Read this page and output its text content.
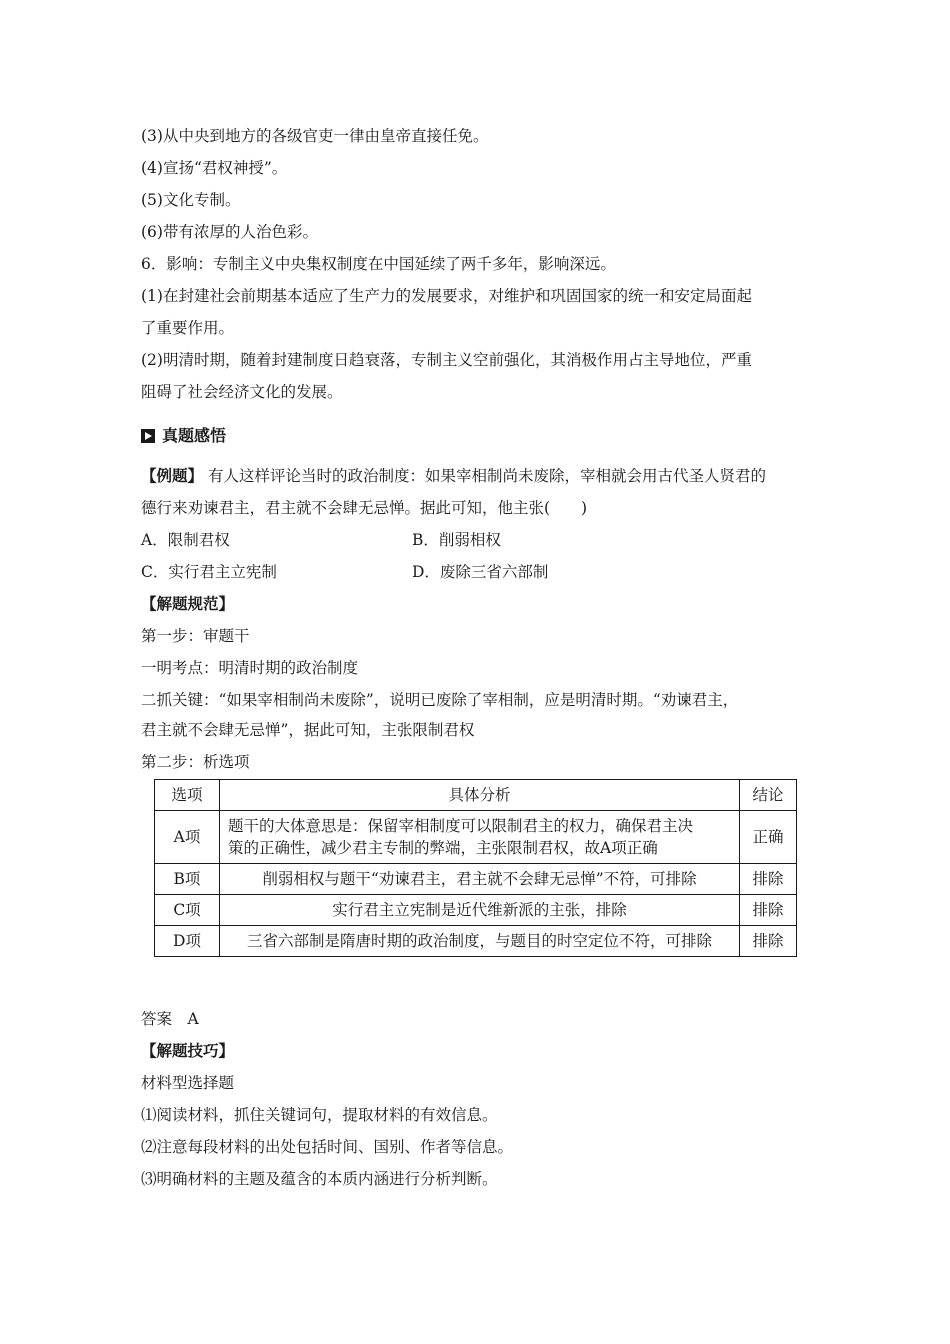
(3)从中央到地方的各级官吏一律由皇帝直接任免。
(4)宣扬“君权神授”。
(5)文化专制。
(6)带有浓厚的人治色彩。
6．影响：专制主义中央集权制度在中国延续了两千多年，影响深远。
(1)在封建社会前期基本适应了生产力的发展要求，对维护和巩固国家的统一和安定局面起
了重要作用。
(2)明清时期，随着封建制度日趋衰落，专制主义空前强化，其消极作用占主导地位，严重
阻碍了社会经济文化的发展。
真题感悟
【例题】 有人这样评论当时的政治制度：如果宰相制尚未废除，宰相就会用古代圣人贤君的
德行来劝谏君主，君主就不会肆无忌惮。据此可知，他主张(　　)
A．限制君权	B．削弱相权
C．实行君主立宪制	D．废除三省六部制
【解题规范】
第一步：审题干
一明考点：明清时期的政治制度
二抓关键：“如果宰相制尚未废除”，说明已废除了宰相制，应是明清时期。“劝谏君主，
君主就不会肆无忌惮”，据此可知，主张限制君权
第二步：析选项
选项	具体分析	结论
A项	题干的大体意思是：保留宰相制度可以限制君主的权力，确保君主决
策的正确性，减少君主专制的弊端，主张限制君权，故A项正确	正确
B项	削弱相权与题干“劝谏君主，君主就不会肆无忌惮”不符，可排除	排除
C项	实行君主立宪制是近代维新派的主张，排除	排除
D项	三省六部制是隋唐时期的政治制度，与题目的时空定位不符，可排除	排除
答案　A
【解题技巧】
材料型选择题
⑴阅读材料，抓住关键词句，提取材料的有效信息。
⑵注意每段材料的出处包括时间、国别、作者等信息。
⑶明确材料的主题及蕴含的本质内涵进行分析判断。
